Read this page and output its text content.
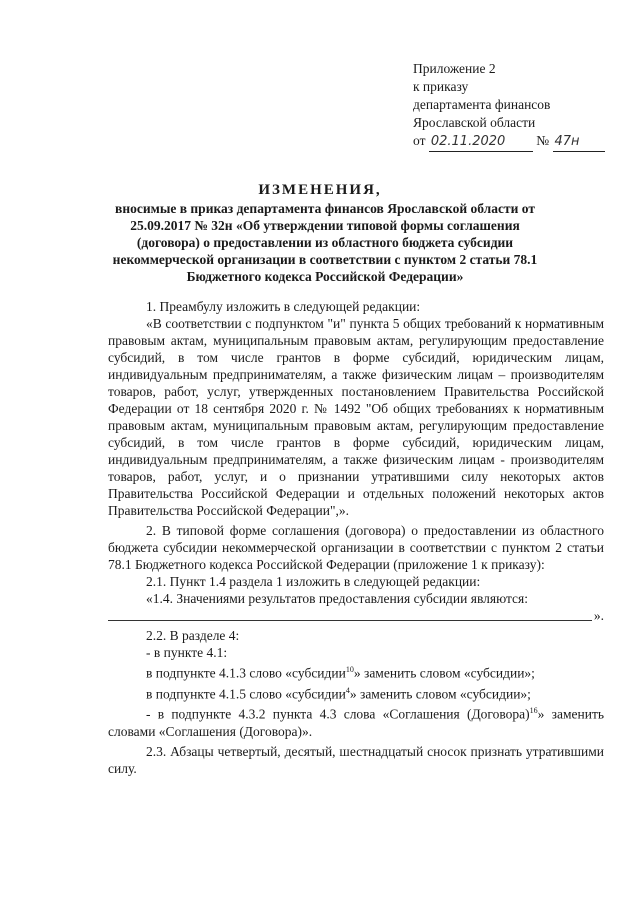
Приложение 2
к приказу
департамента финансов
Ярославской области
от 02.11.2020 № 47н
ИЗМЕНЕНИЯ,
вносимые в приказ департамента финансов Ярославской области от 25.09.2017 № 32н «Об утверждении типовой формы соглашения (договора) о предоставлении из областного бюджета субсидии некоммерческой организации в соответствии с пунктом 2 статьи 78.1 Бюджетного кодекса Российской Федерации»

1. Преамбулу изложить в следующей редакции:

«В соответствии с подпунктом "и" пункта 5 общих требований к нормативным правовым актам, муниципальным правовым актам, регулирующим предоставление субсидий, в том числе грантов в форме субсидий, юридическим лицам, индивидуальным предпринимателям, а также физическим лицам – производителям товаров, работ, услуг, утвержденных постановлением Правительства Российской Федерации от 18 сентября 2020 г. № 1492 "Об общих требованиях к нормативным правовым актам, муниципальным правовым актам, регулирующим предоставление субсидий, в том числе грантов в форме субсидий, юридическим лицам, индивидуальным предпринимателям, а также физическим лицам - производителям товаров, работ, услуг, и о признании утратившими силу некоторых актов Правительства Российской Федерации и отдельных положений некоторых актов Правительства Российской Федерации",».

2. В типовой форме соглашения (договора) о предоставлении из областного бюджета субсидии некоммерческой организации в соответствии с пунктом 2 статьи 78.1 Бюджетного кодекса Российской Федерации (приложение 1 к приказу):

2.1. Пункт 1.4 раздела 1 изложить в следующей редакции:

«1.4. Значениями результатов предоставления субсидии являются:

».

2.2. В разделе 4:

- в пункте 4.1:

в подпункте 4.1.3 слово «субсидии$^{10}$» заменить словом «субсидии»;

в подпункте 4.1.5 слово «субсидии$^4$» заменить словом «субсидии»;

- в подпункте 4.3.2 пункта 4.3 слова «Соглашения (Договора)$^{16}$» заменить словами «Соглашения (Договора)».

2.3. Абзацы четвертый, десятый, шестнадцатый сносок признать утратившими силу.
